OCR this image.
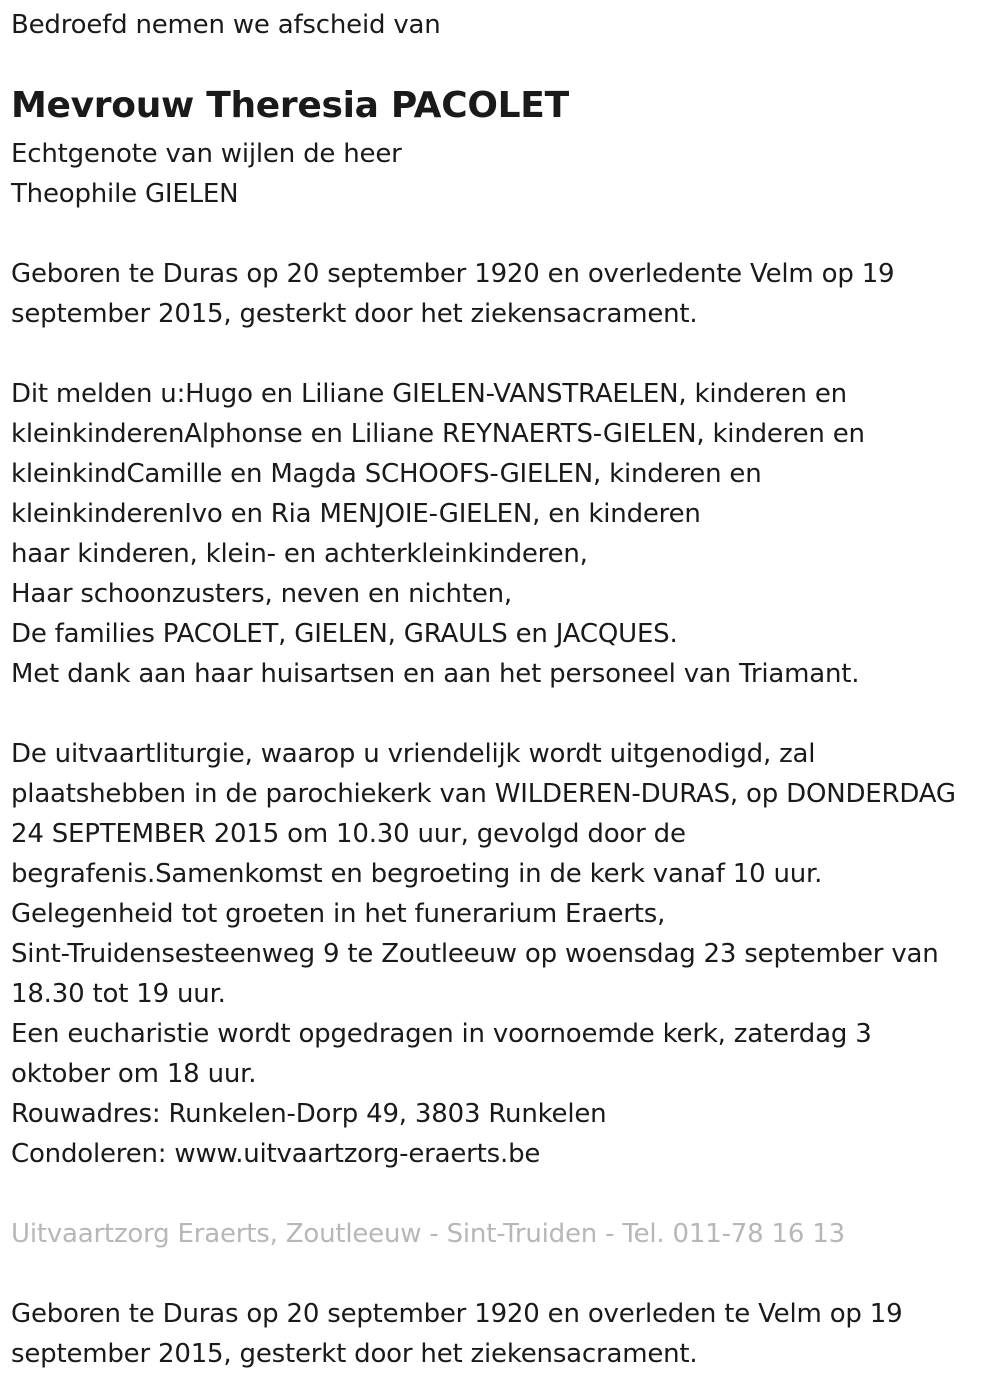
Bedroefd nemen we afscheid van
Mevrouw Theresia PACOLET
Echtgenote van wijlen de heer
Theophile GIELEN
Geboren te Duras op 20 september 1920 en overledente Velm op 19
september 2015, gesterkt door het ziekensacrament.
Dit melden u:Hugo en Liliane GIELEN-VANSTRAELEN, kinderen en
kleinkinderenAlphonse en Liliane REYNAERTS-GIELEN, kinderen en
kleinkindCamille en Magda SCHOOFS-GIELEN, kinderen en
kleinkinderenIvo en Ria MENJOIE-GIELEN, en kinderen
haar kinderen, klein- en achterkleinkinderen,
Haar schoonzusters, neven en nichten,
De families PACOLET, GIELEN, GRAULS en JACQUES.
Met dank aan haar huisartsen en aan het personeel van Triamant.
De uitvaartliturgie, waarop u vriendelijk wordt uitgenodigd, zal
plaatshebben in de parochiekerk van WILDEREN-DURAS, op DONDERDAG
24 SEPTEMBER 2015 om 10.30 uur, gevolgd door de
begrafenis.Samenkomst en begroeting in de kerk vanaf 10 uur.
Gelegenheid tot groeten in het funerarium Eraerts,
Sint-Truidensesteenweg 9 te Zoutleeuw op woensdag 23 september van
18.30 tot 19 uur.
Een eucharistie wordt opgedragen in voornoemde kerk, zaterdag 3
oktober om 18 uur.
Rouwadres: Runkelen-Dorp 49, 3803 Runkelen
Condoleren: www.uitvaartzorg-eraerts.be
Uitvaartzorg Eraerts, Zoutleeuw - Sint-Truiden - Tel. 011-78 16 13
Geboren te Duras op 20 september 1920 en overleden te Velm op 19
september 2015, gesterkt door het ziekensacrament.
